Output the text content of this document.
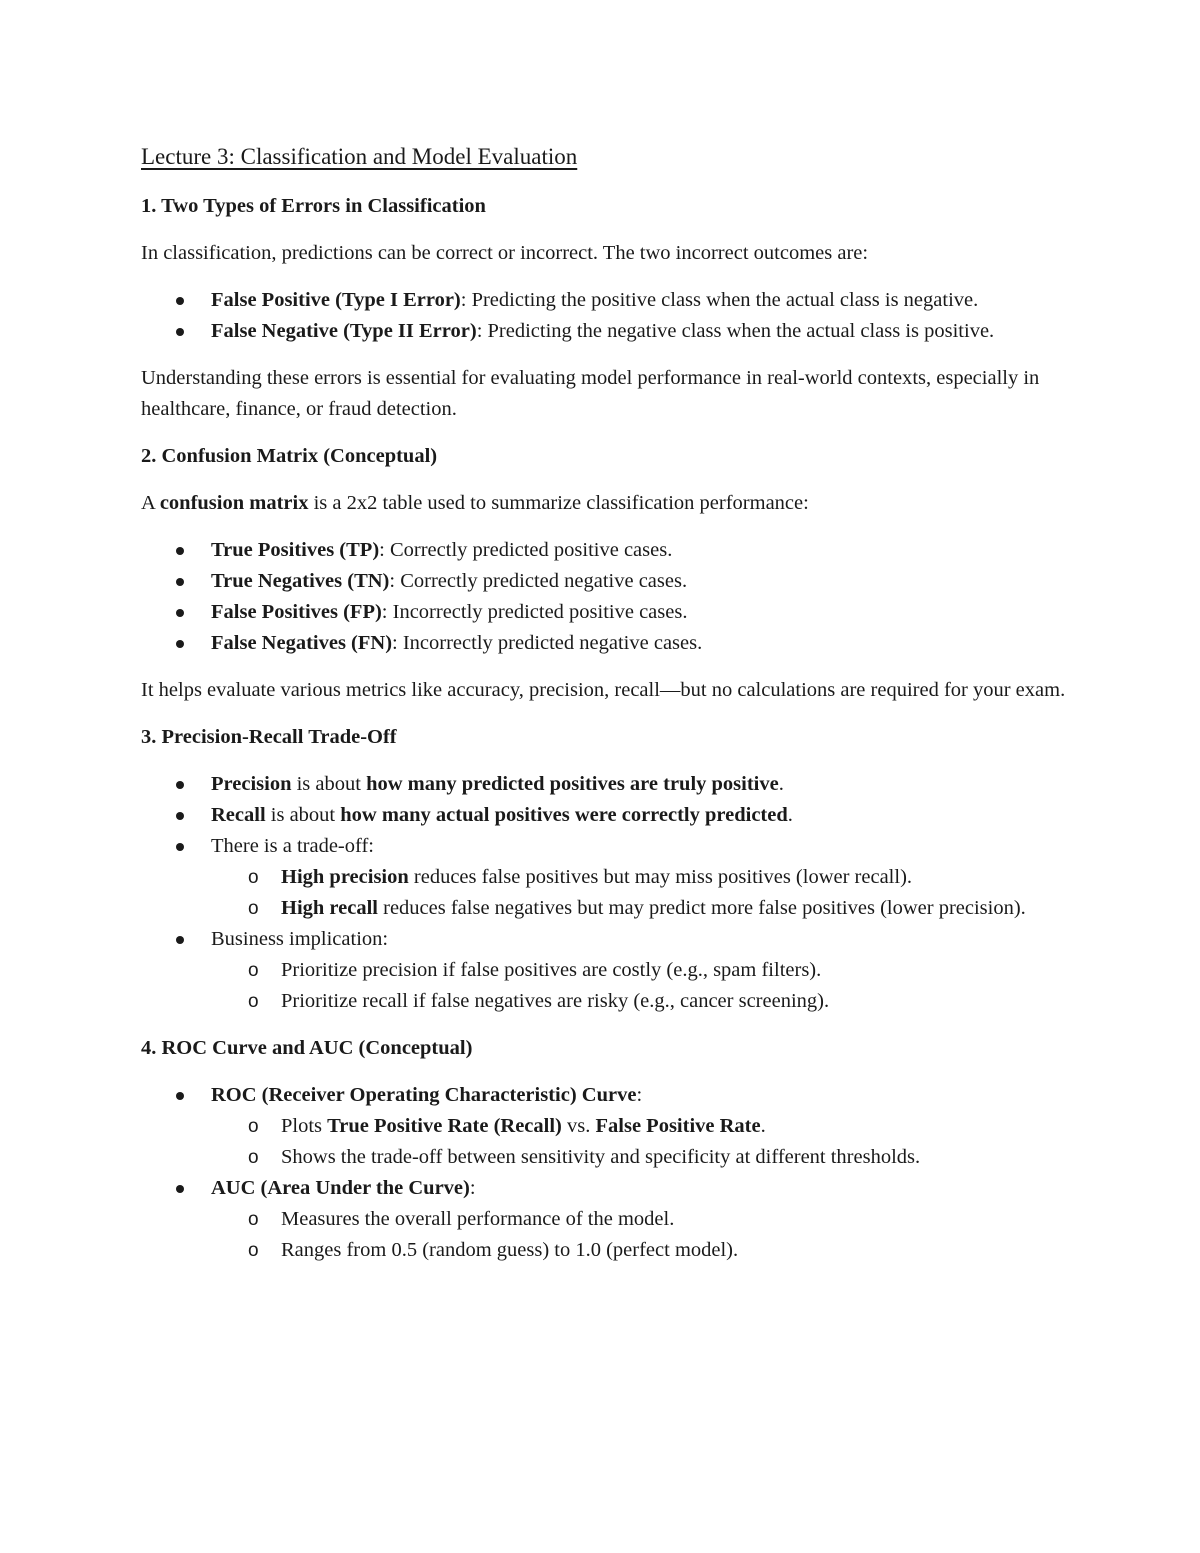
Lecture 3: Classification and Model Evaluation
1. Two Types of Errors in Classification

In classification, predictions can be correct or incorrect. The two incorrect outcomes are:

False Positive (Type I Error): Predicting the positive class when the actual class is negative.
False Negative (Type II Error): Predicting the negative class when the actual class is positive.

Understanding these errors is essential for evaluating model performance in real-world contexts, especially in healthcare, finance, or fraud detection.

2. Confusion Matrix (Conceptual)

A confusion matrix is a 2x2 table used to summarize classification performance:

True Positives (TP): Correctly predicted positive cases.
True Negatives (TN): Correctly predicted negative cases.
False Positives (FP): Incorrectly predicted positive cases.
False Negatives (FN): Incorrectly predicted negative cases.

It helps evaluate various metrics like accuracy, precision, recall—but no calculations are required for your exam.

3. Precision-Recall Trade-Off
Precision is about how many predicted positives are truly positive.
Recall is about how many actual positives were correctly predicted.
There is a trade-off:
o High precision reduces false positives but may miss positives (lower recall).
o High recall reduces false negatives but may predict more false positives (lower precision).
Business implication:
o Prioritize precision if false positives are costly (e.g., spam filters).
o Prioritize recall if false negatives are risky (e.g., cancer screening).
4. ROC Curve and AUC (Conceptual)
ROC (Receiver Operating Characteristic) Curve:
o Plots True Positive Rate (Recall) vs. False Positive Rate.
o Shows the trade-off between sensitivity and specificity at different thresholds.
AUC (Area Under the Curve):
o Measures the overall performance of the model.
o Ranges from 0.5 (random guess) to 1.0 (perfect model).
